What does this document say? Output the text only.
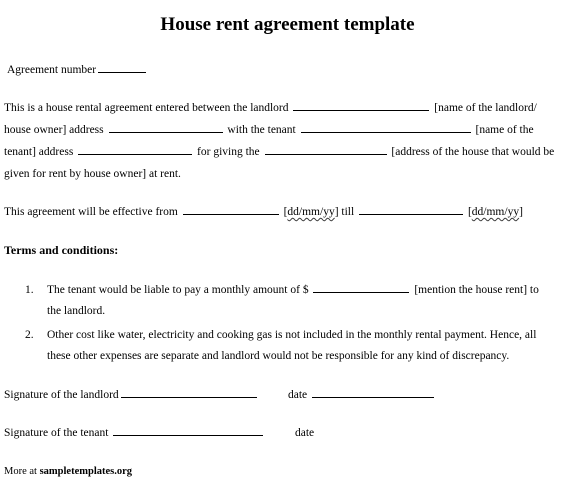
House rent agreement template
Agreement number
This is a house rental agreement entered between the landlord	[name of the landlord/
house owner] address	with the tenant	[name of the
tenant] address	for giving the	[address of the house that would be
given for rent by house owner] at rent.
This agreement will be effective from	[dd/mm/yy] till	[dd/mm/yy]
Terms and conditions:
1. The tenant would be liable to pay a monthly amount of $	[mention the house rent] to
the landlord.
2. Other cost like water, electricity and cooking gas is not included in the monthly rental payment. Hence, all
these other expenses are separate and landlord would not be responsible for any kind of discrepancy.
Signature of the landlord	date
Signature of the tenant	date
More at sampletemplates.org
